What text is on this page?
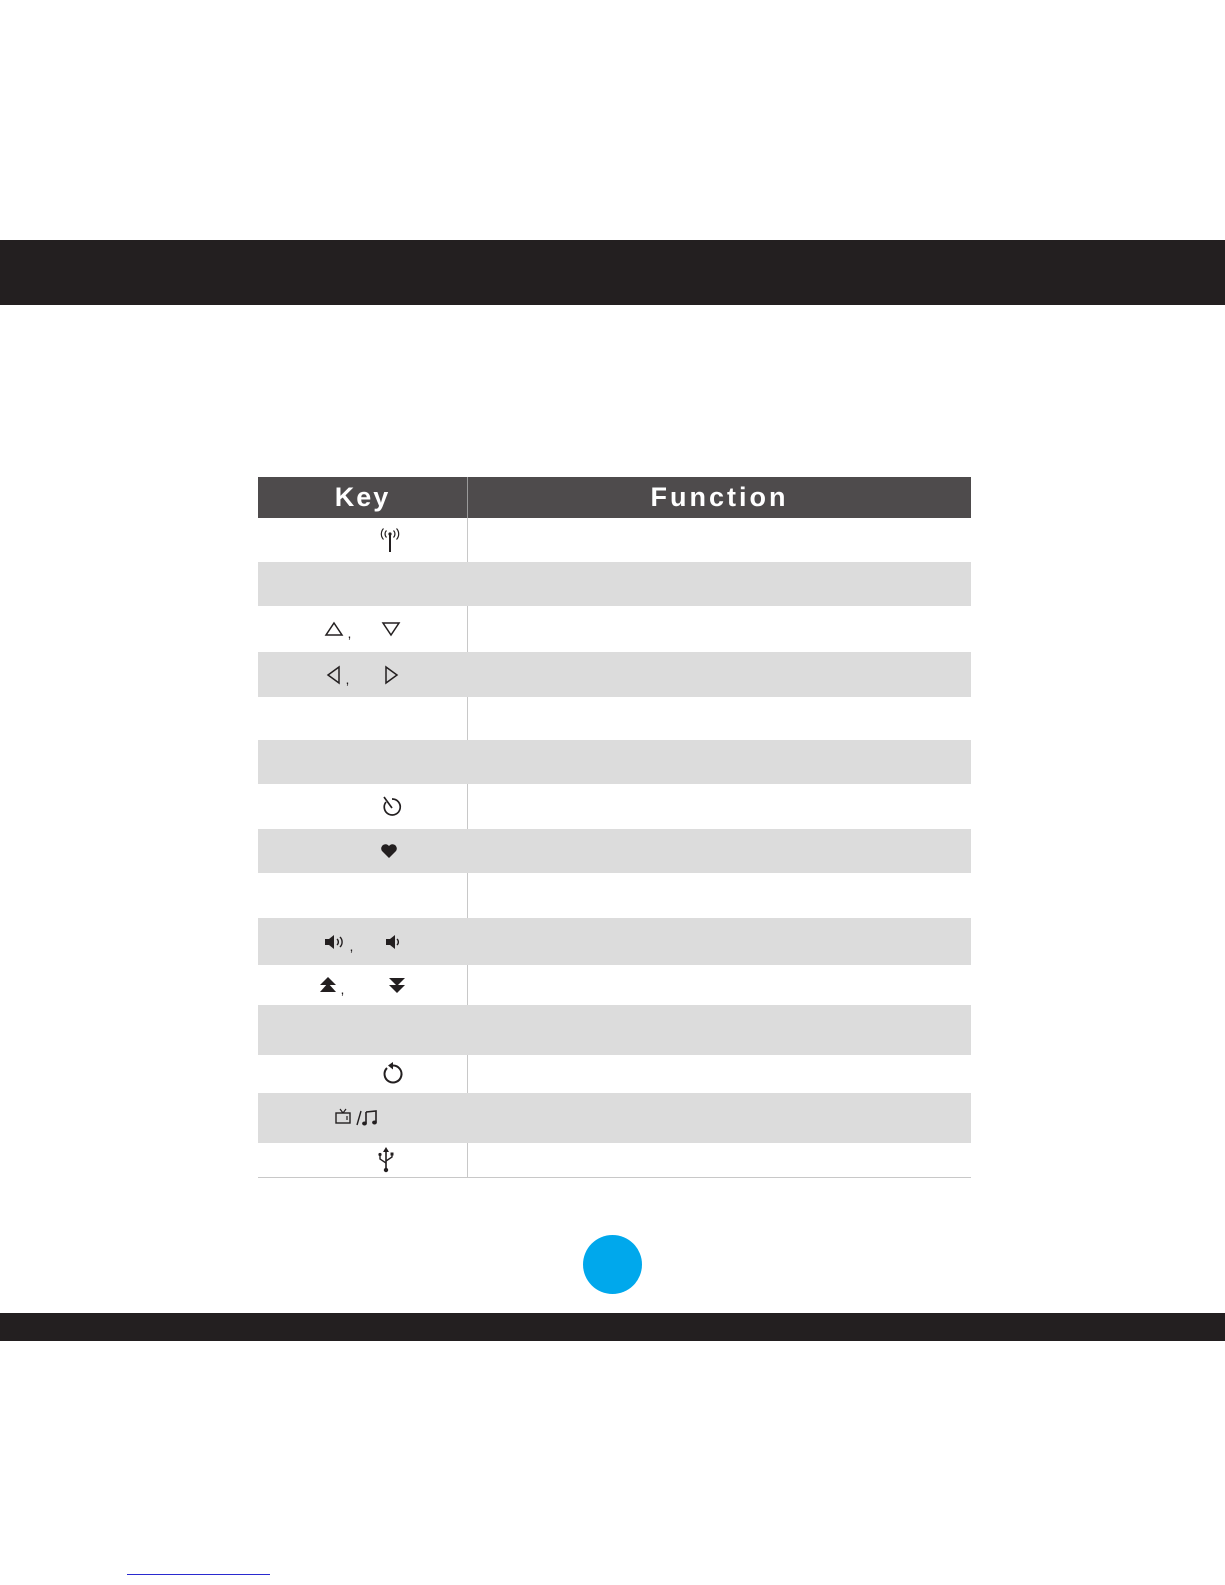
Key	Function
,
,
,
,
